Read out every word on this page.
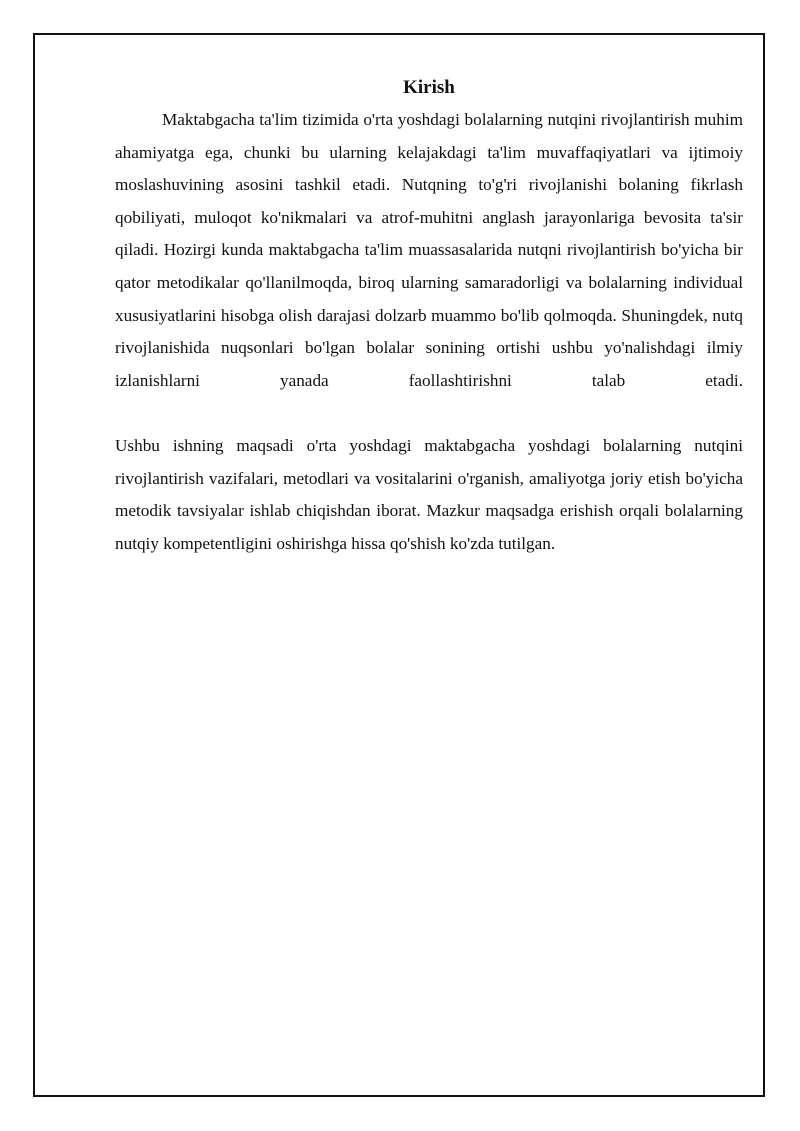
Kirish

Maktabgacha ta'lim tizimida o'rta yoshdagi bolalarning nutqini rivojlantirish muhim ahamiyatga ega, chunki bu ularning kelajakdagi ta'lim muvaffaqiyatlari va ijtimoiy moslashuvining asosini tashkil etadi. Nutqning to'g'ri rivojlanishi bolaning fikrlash qobiliyati, muloqot ko'nikmalari va atrof-muhitni anglash jarayonlariga bevosita ta'sir qiladi. Hozirgi kunda maktabgacha ta'lim muassasalarida nutqni rivojlantirish bo'yicha bir qator metodikalar qo'llanilmoqda, biroq ularning samaradorligi va bolalarning individual xususiyatlarini hisobga olish darajasi dolzarb muammo bo'lib qolmoqda. Shuningdek, nutq rivojlanishida nuqsonlari bo'lgan bolalar sonining ortishi ushbu yo'nalishdagi ilmiy izlanishlarni yanada faollashtirishni talab etadi.

Ushbu ishning maqsadi o'rta yoshdagi maktabgacha yoshdagi bolalarning nutqini rivojlantirish vazifalari, metodlari va vositalarini o'rganish, amaliyotga joriy etish bo'yicha metodik tavsiyalar ishlab chiqishdan iborat. Mazkur maqsadga erishish orqali bolalarning nutqiy kompetentligini oshirishga hissa qo'shish ko'zda tutilgan.
